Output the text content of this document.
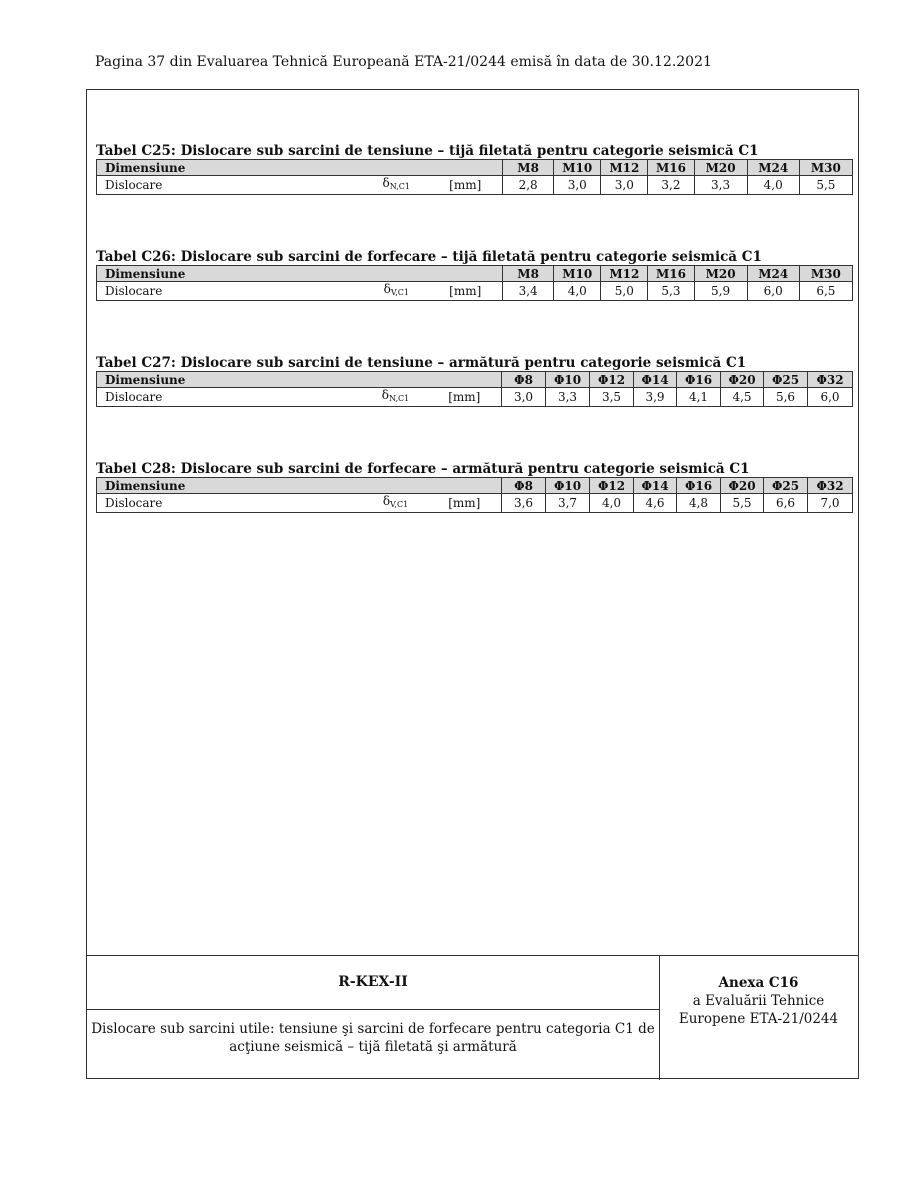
Pagina 37 din Evaluarea Tehnică Europeană ETA-21/0244 emisă în data de 30.12.2021
Tabel C25: Dislocare sub sarcini de tensiune – tijă filetată pentru categorie seismică C1
Dimensiune			M8	M10	M12	M16	M20	M24	M30
Dislocare	$\delta_{N,C1}$	[mm]	2,8	3,0	3,0	3,2	3,3	4,0	5,5
Tabel C26: Dislocare sub sarcini de forfecare – tijă filetată pentru categorie seismică C1
Dimensiune			M8	M10	M12	M16	M20	M24	M30
Dislocare	$\delta_{V,C1}$	[mm]	3,4	4,0	5,0	5,3	5,9	6,0	6,5
Tabel C27: Dislocare sub sarcini de tensiune – armătură pentru categorie seismică C1
Dimensiune			Φ8	Φ10	Φ12	Φ14	Φ16	Φ20	Φ25	Φ32
Dislocare	$\delta_{N,C1}$	[mm]	3,0	3,3	3,5	3,9	4,1	4,5	5,6	6,0
Tabel C28: Dislocare sub sarcini de forfecare – armătură pentru categorie seismică C1
Dimensiune			Φ8	Φ10	Φ12	Φ14	Φ16	Φ20	Φ25	Φ32
Dislocare	$\delta_{V,C1}$	[mm]	3,6	3,7	4,0	4,6	4,8	5,5	6,6	7,0
R-KEX-II
Dislocare sub sarcini utile: tensiune şi sarcini de forfecare pentru categoria C1 de
acţiune seismică – tijă filetată şi armătură
Anexa C16
a Evaluării Tehnice
Europene ETA-21/0244
